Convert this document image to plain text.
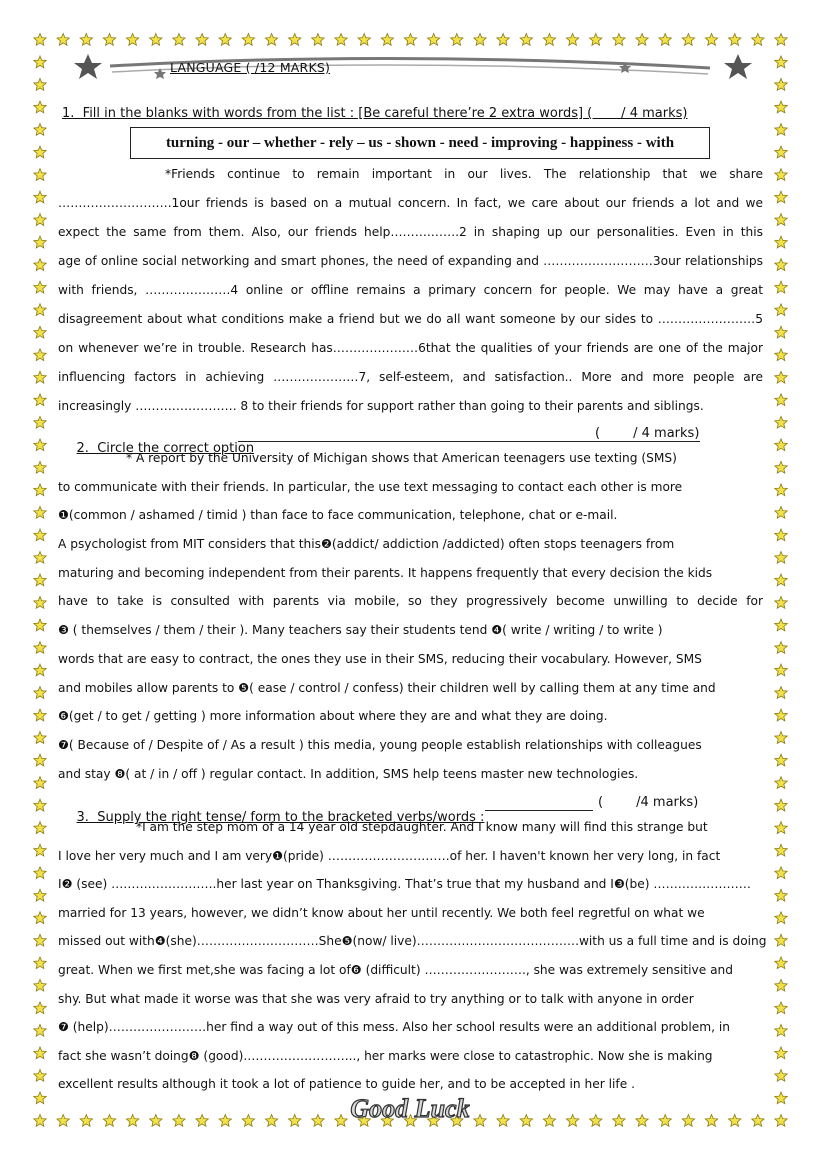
LANGUAGE ( /12 MARKS)
1.  Fill in the blanks with words from the list : [Be careful there’re 2 extra words] (       / 4 marks)
turning - our – whether - rely – us - shown - need - improving - happiness - with
*Friends continue to remain important in our lives. The relationship that we share
……………………….1our friends is based on a mutual concern. In fact, we care about our friends a lot and we
expect the same from them. Also, our friends help……….…….2 in shaping up our personalities. Even in this
age of online social networking and smart phones, the need of expanding and ………………………3our relationships
with friends, …………………4 online or offline remains a primary concern for people. We may have a great
disagreement about what conditions make a friend but we do all want someone by our sides to ……………………5
on whenever we’re in trouble. Research has…………………6that the qualities of your friends are one of the major
influencing factors in achieving …………………7, self-esteem, and satisfaction.. More and more people are
increasingly ……………………. 8 to their friends for support rather than going to their parents and siblings.

2.  Circle the correct option

(        / 4 marks)
* A report by the University of Michigan shows that American teenagers use texting (SMS)
to communicate with their friends. In particular, the use text messaging to contact each other is more
❶(common / ashamed / timid ) than face to face communication, telephone, chat or e-mail.
A psychologist from MIT considers that this❷(addict/ addiction /addicted) often stops teenagers from
maturing and becoming independent from their parents. It happens frequently that every decision the kids
have to take is consulted with parents via mobile, so they progressively become unwilling to decide for
❸ ( themselves / them / their ). Many teachers say their students tend ❹( write / writing / to write )
words that are easy to contract, the ones they use in their SMS, reducing their vocabulary. However, SMS
and mobiles allow parents to ❺( ease / control / confess) their children well by calling them at any time and
❻(get / to get / getting ) more information about where they are and what they are doing.
❼( Because of / Despite of / As a result ) this media, young people establish relationships with colleagues
and stay ❽( at / in / off ) regular contact. In addition, SMS help teens master new technologies.

3.  Supply the right tense/ form to the bracketed verbs/words :

(        /4 marks)
*I am the step mom of a 14 year old stepdaughter. And I know many will find this strange but
I love her very much and I am very❶(pride) …………………………of her. I haven't known her very long, in fact
I❷ (see) ……………………..her last year on Thanksgiving. That’s true that my husband and I❸(be) ……………………
married for 13 years, however, we didn’t know about her until recently. We both feel regretful on what we
missed out with❹(she)…………………………She❺(now/ live)………………………………….with us a full time and is doing
great. When we first met,she was facing a lot of❻ (difficult) ……………………., she was extremely sensitive and
shy. But what made it worse was that she was very afraid to try anything or to talk with anyone in order
❼ (help)……………………her find a way out of this mess. Also her school results were an additional problem, in
fact she wasn’t doing❽ (good).……………………..., her marks were close to catastrophic. Now she is making
excellent results although it took a lot of patience to guide her, and to be accepted in her life .
Good Luck
